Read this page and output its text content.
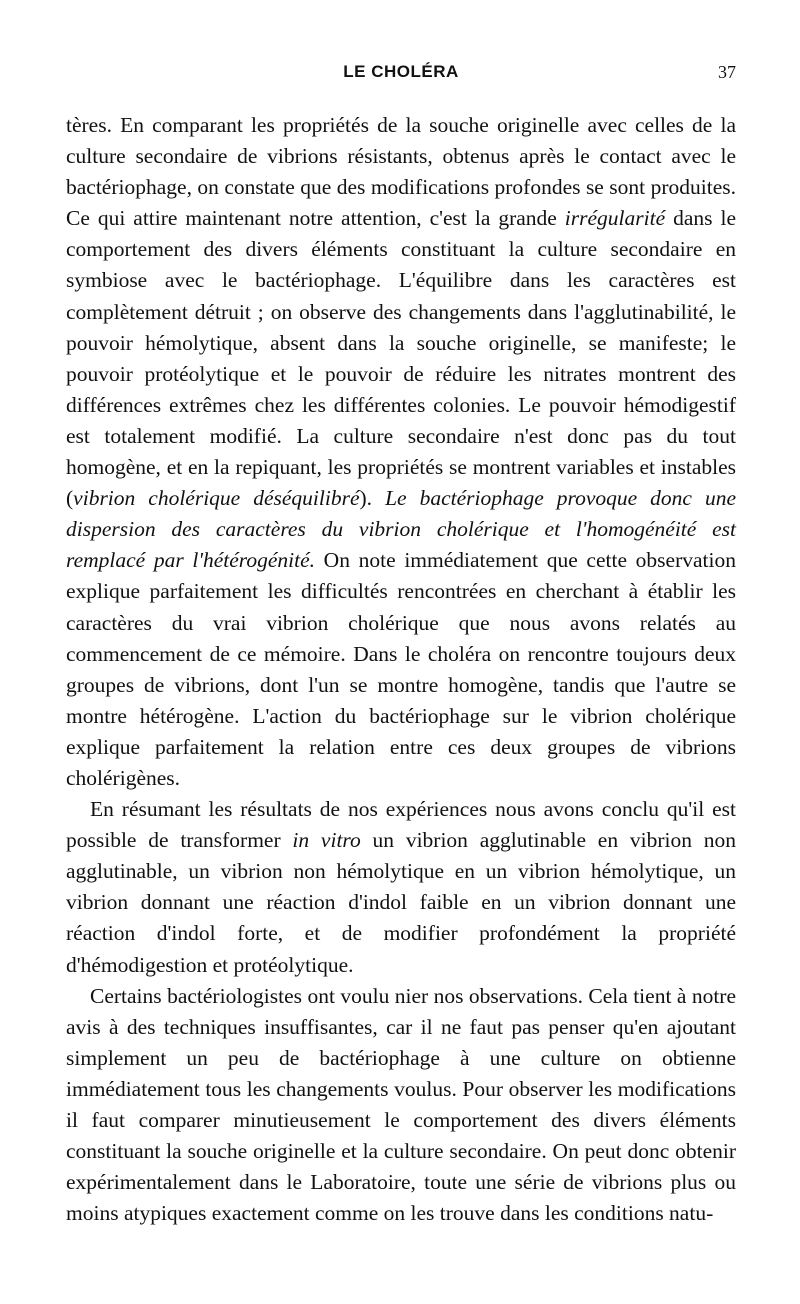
LE CHOLÉRA	37

tères. En comparant les propriétés de la souche originelle avec celles de la culture secondaire de vibrions résistants, obtenus après le contact avec le bactériophage, on constate que des modifications profondes se sont produites. Ce qui attire maintenant notre attention, c'est la grande irrégularité dans le comportement des divers éléments constituant la culture secondaire en symbiose avec le bactériophage. L'équilibre dans les caractères est complètement détruit ; on observe des changements dans l'agglutinabilité, le pouvoir hémolytique, absent dans la souche originelle, se manifeste; le pouvoir protéolytique et le pouvoir de réduire les nitrates montrent des différences extrêmes chez les différentes colonies. Le pouvoir hémodigestif est totalement modifié. La culture secondaire n'est donc pas du tout homogène, et en la repiquant, les propriétés se montrent variables et instables (vibrion cholérique déséquilibré). Le bactériophage provoque donc une dispersion des caractères du vibrion cholérique et l'homogénéité est remplacé par l'hétérogénité. On note immédiatement que cette observation explique parfaitement les difficultés rencontrées en cherchant à établir les caractères du vrai vibrion cholérique que nous avons relatés au commencement de ce mémoire. Dans le choléra on rencontre toujours deux groupes de vibrions, dont l'un se montre homogène, tandis que l'autre se montre hétérogène. L'action du bactériophage sur le vibrion cholérique explique parfaitement la relation entre ces deux groupes de vibrions cholérigènes.

En résumant les résultats de nos expériences nous avons conclu qu'il est possible de transformer in vitro un vibrion agglutinable en vibrion non agglutinable, un vibrion non hémolytique en un vibrion hémolytique, un vibrion donnant une réaction d'indol faible en un vibrion donnant une réaction d'indol forte, et de modifier profondément la propriété d'hémodigestion et protéolytique.

Certains bactériologistes ont voulu nier nos observations. Cela tient à notre avis à des techniques insuffisantes, car il ne faut pas penser qu'en ajoutant simplement un peu de bactériophage à une culture on obtienne immédiatement tous les changements voulus. Pour observer les modifications il faut comparer minutieusement le comportement des divers éléments constituant la souche originelle et la culture secondaire. On peut donc obtenir expérimentalement dans le Laboratoire, toute une série de vibrions plus ou moins atypiques exactement comme on les trouve dans les conditions natu-
